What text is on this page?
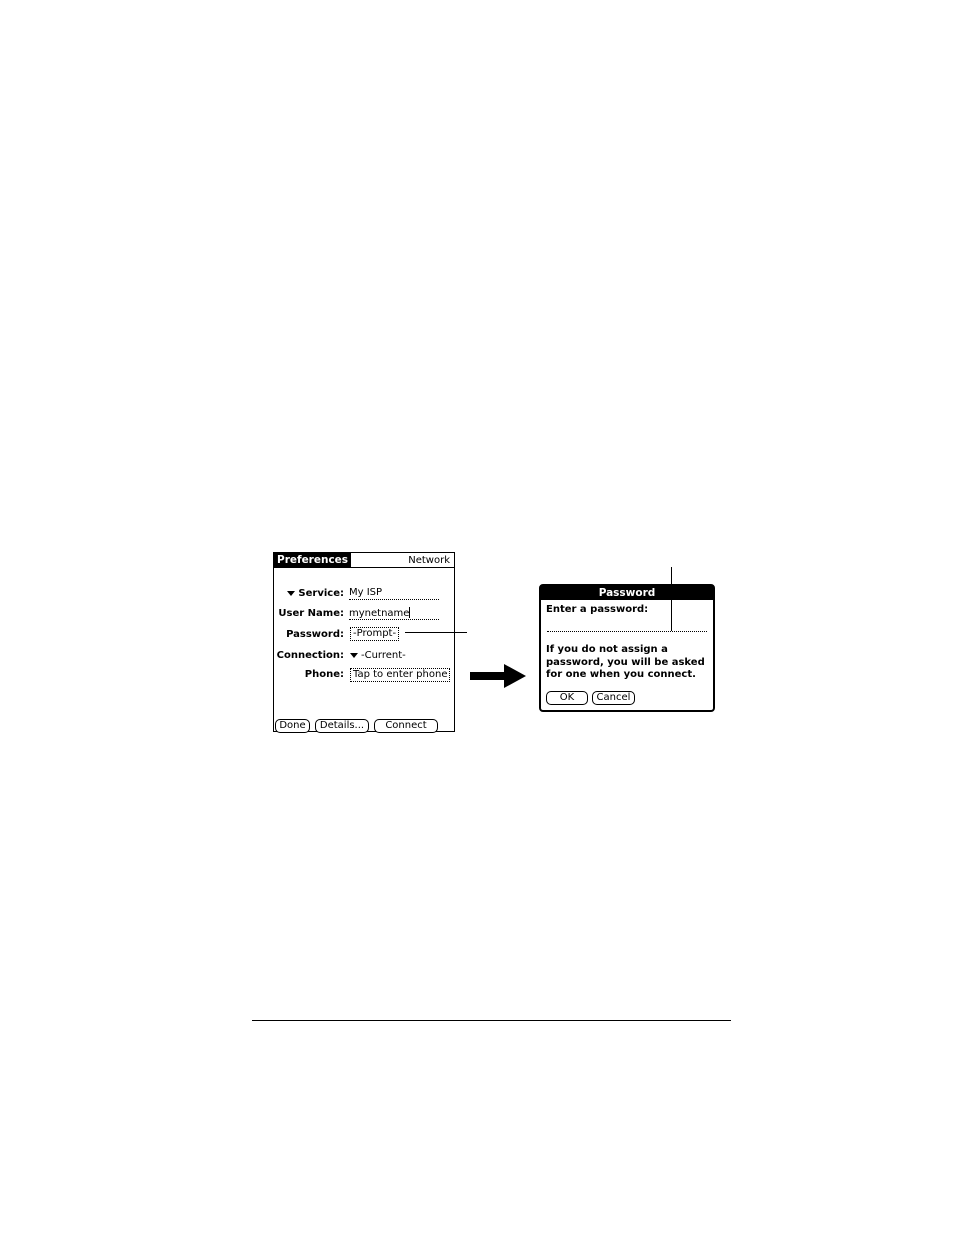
Preferences	Network
Service: My ISP
User Name: mynetname
Password: -Prompt-
Connection:	-Current-
Phone: Tap to enter phone
Done	Details...	Connect
Password
Enter a password:
If you do not assign a password, you will be asked for one when you connect.
OK	Cancel
